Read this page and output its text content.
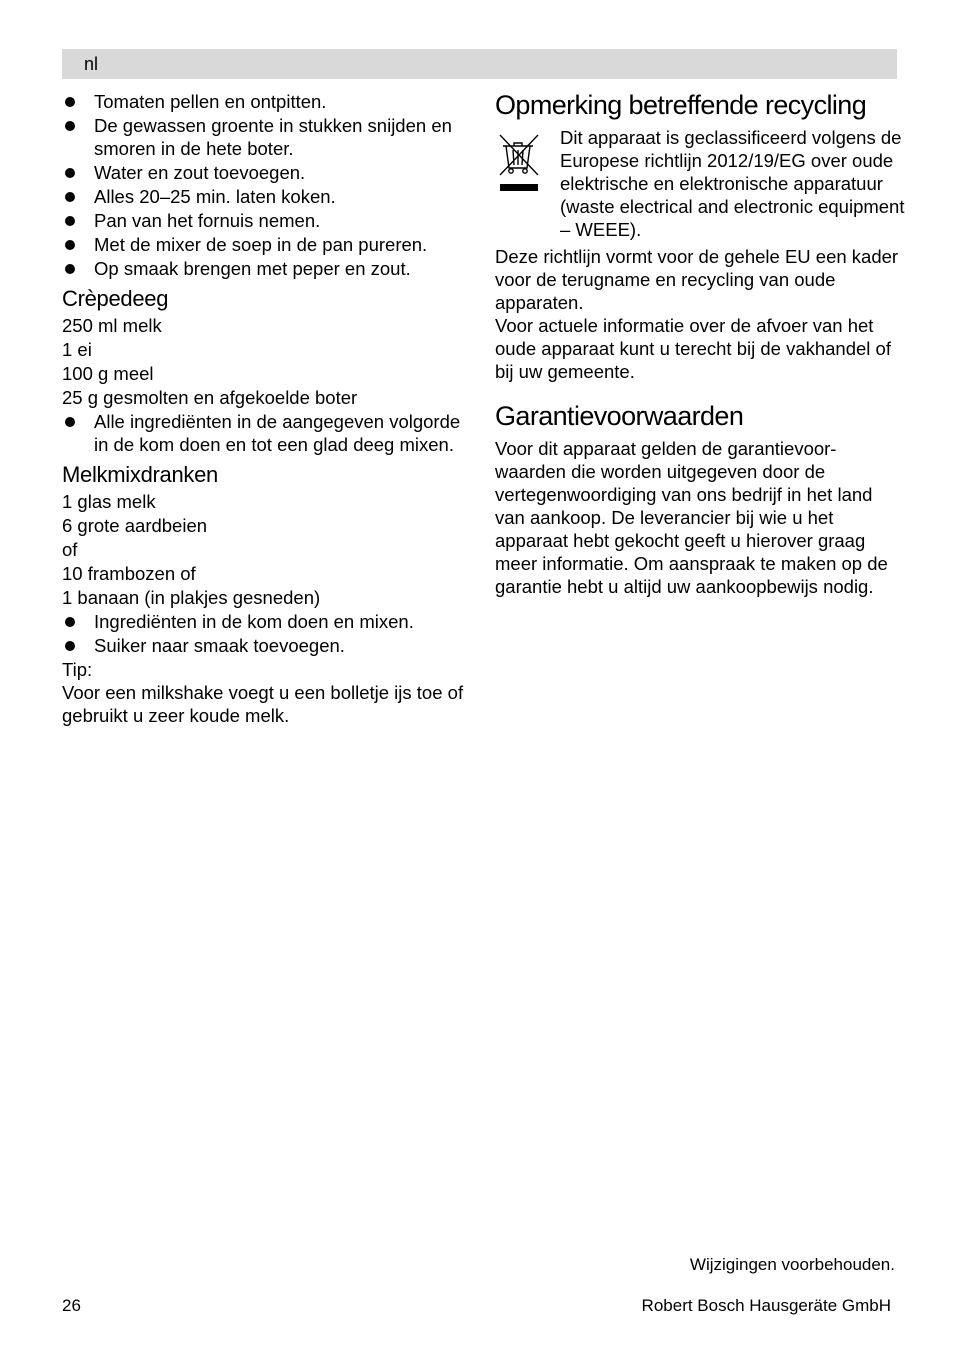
nl
Tomaten pellen en ontpitten.
De gewassen groente in stukken snijden en smoren in de hete boter.
Water en zout toevoegen.
Alles 20–25 min. laten koken.
Pan van het fornuis nemen.
Met de mixer de soep in de pan pureren.
Op smaak brengen met peper en zout.
Crèpedeeg

250 ml melk

1 ei

100 g meel

25 g gesmolten en afgekoelde boter

Alle ingrediënten in de aangegeven volgorde in de kom doen en tot een glad deeg mixen.
Melkmixdranken

1 glas melk

6 grote aardbeien

of

10 frambozen of

1 banaan (in plakjes gesneden)

Ingrediënten in de kom doen en mixen.
Suiker naar smaak toevoegen.

Tip:

Voor een milkshake voegt u een bolletje ijs toe of gebruikt u zeer koude melk.

Opmerking betreffende recycling
Dit apparaat is geclassificeerd volgens de Europese richtlijn 2012/19/EG over oude elektrische en elektronische apparatuur (waste electrical and electronic equipment – WEEE).

Deze richtlijn vormt voor de gehele EU een kader voor de terugname en recycling van oude apparaten.

Voor actuele informatie over de afvoer van het oude apparaat kunt u terecht bij de vakhandel of bij uw gemeente.

Garantievoorwaarden

Voor dit apparaat gelden de garantievoor-waarden die worden uitgegeven door de vertegenwoordiging van ons bedrijf in het land van aankoop. De leverancier bij wie u het apparaat hebt gekocht geeft u hierover graag meer informatie. Om aanspraak te maken op de garantie hebt u altijd uw aankoopbewijs nodig.

Wijzigingen voorbehouden.
26	Robert Bosch Hausgeräte GmbH
